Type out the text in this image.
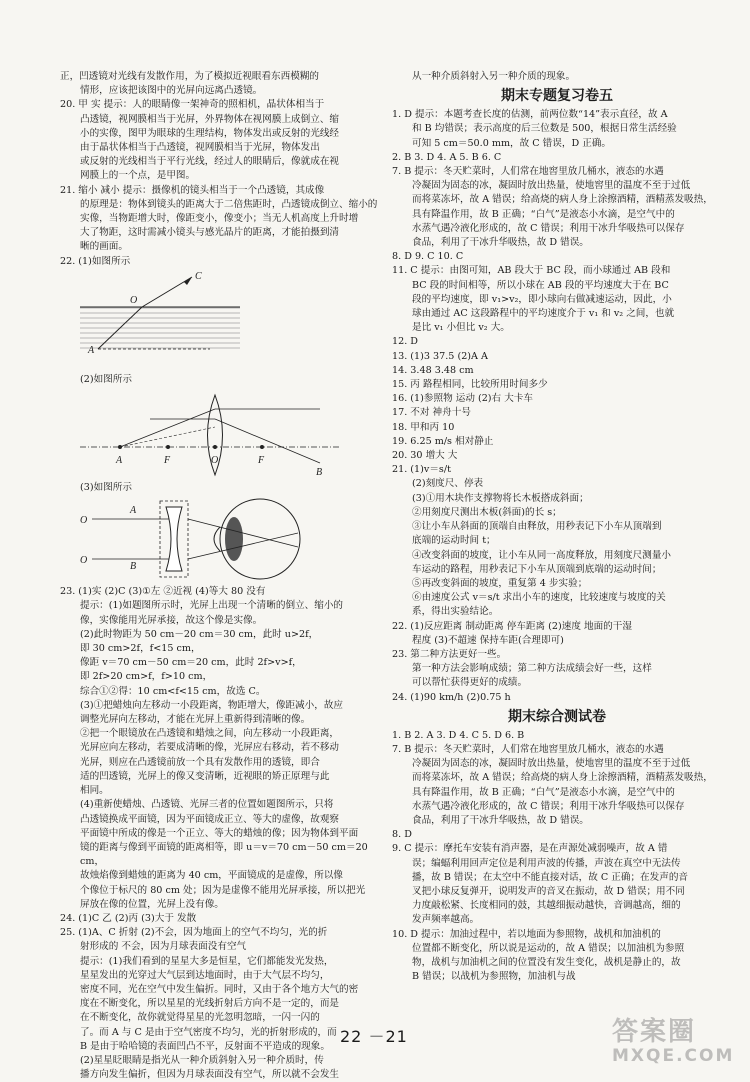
正，凹透镜对光线有发散作用，为了模拟近视眼看东西模糊的

情形，应该把该图中的光屏向远离凸透镜。

20. 甲 实 提示：人的眼睛像一架神奇的照相机，晶状体相当于

凸透镜，视网膜相当于光屏，外界物体在视网膜上成倒立、缩

小的实像，图甲为眼球的生理结构，物体发出或反射的光线经

由于晶状体相当于凸透镜，视网膜相当于光屏，物体发出

或反射的光线相当于平行光线，经过人的眼睛后，像就成在视

网膜上的一个点，是甲图。

21. 缩小 减小 提示：摄像机的镜头相当于一个凸透镜，其成像

的原理是：物体到镜头的距离大于二倍焦距时，凸透镜成倒立、缩小的

实像，当物距增大时，像距变小，像变小；当无人机高度上升时增

大了物距，这时需减小镜头与感光晶片的距离，才能拍摄到清

晰的画面。

22. (1)如图所示

C
O
A

(2)如图所示

A	F	O	F
B

(3)如图所示

O
O
A
B

23. (1)实 (2)C (3)①左 ②近视 (4)等大 80 没有

提示：(1)如题图所示时，光屏上出现一个清晰的倒立、缩小的

像，实像能用光屏承接，故这个像是实像。

(2)此时物距为 50 cm－20 cm＝30 cm，此时 u>2f，

即 30 cm>2f，f<15 cm，

像距 v＝70 cm－50 cm＝20 cm，此时 2f>v>f，

即 2f>20 cm>f，f>10 cm，

综合①②得：10 cm<f<15 cm，故选 C。

(3)①把蜡烛向左移动一小段距离，物距增大，像距减小，故应

调整光屏向左移动，才能在光屏上重新得到清晰的像。

②把一个眼镜放在凸透镜和蜡烛之间，向左移动一小段距离，

光屏应向左移动，若要成清晰的像，光屏应右移动，若不移动

光屏，则应在凸透镜前放一个具有发散作用的透镜，即合

适的凹透镜，光屏上的像又变清晰，近视眼的矫正原理与此

相同。

(4)重新使蜡烛、凸透镜、光屏三者的位置如题图所示，只将

凸透镜换成平面镜，因为平面镜成正立、等大的虚像，故观察

平面镜中所成的像是一个正立、等大的蜡烛的像；因为物体到平面

镜的距离与像到平面镜的距离相等，即 u＝v＝70 cm－50 cm＝20 cm，

故烛焰像到蜡烛的距离为 40 cm，平面镜成的是虚像，所以像

个像位于标尺的 80 cm 处；因为是虚像不能用光屏承接，所以把光

屏放在像的位置，光屏上没有像。

24. (1)C 乙 (2)丙 (3)大于 发散

25. (1)A、C 折射 (2)不会，因为地面上的空气不均匀，光的折

射形成的 不会，因为月球表面没有空气

提示：(1)我们看到的星星大多是恒星，它们都能发光发热，

星星发出的光穿过大气层到达地面时，由于大气层不均匀，

密度不同，光在空气中发生偏折。同时，又由于各个地方大气的密

度在不断变化，所以星星的光线折射后方向不是一定的，而是

在不断变化，故你就觉得星星的光忽明忽暗，一闪一闪的

了。而 A 与 C 是由于空气密度不均匀，光的折射形成的，而

B 是由于哈哈镜的表面凹凸不平，反射面不平造成的现象。

(2)星星眨眼睛是指光从一种介质斜射入另一种介质时，传

播方向发生偏折，但因为月球表面没有空气，所以就不会发生

从一种介质斜射入另一种介质的现象。

期末专题复习卷五

1. D 提示：本题考查长度的估测，前两位数“14”表示直径，故 A

和 B 均错误；表示高度的后三位数是 500，根据日常生活经验

可知 5 cm＝50.0 mm，故 C 错误，D 正确。

2. B 3. D 4. A 5. B 6. C

7. B 提示：冬天贮菜时，人们常在地窖里放几桶水，液态的水遇

冷凝固为固态的冰，凝固时放出热量，使地窖里的温度不至于过低

而将菜冻坏，故 A 错误；给高烧的病人身上涂擦酒精，酒精蒸发吸热，

具有降温作用，故 B 正确；“白气”是液态小水滴，是空气中的

水蒸气遇冷液化形成的，故 C 错误；利用干冰升华吸热可以保存

食品，利用了干冰升华吸热，故 D 错误。

8. D 9. C 10. C

11. C 提示：由图可知，AB 段大于 BC 段，而小球通过 AB 段和

BC 段的时间相等，所以小球在 AB 段的平均速度大于在 BC

段的平均速度，即 v₁>v₂，即小球向右做减速运动，因此，小

球由通过 AC 这段路程中的平均速度介于 v₁ 和 v₂ 之间，也就

是比 v₁ 小但比 v₂ 大。

12. D

13. (1)3 37.5 (2)A A

14. 3.48 3.48 cm

15. 丙 路程相同，比较所用时间多少

16. (1)参照物 运动 (2)右 大卡车

17. 不对 神舟十号

18. 甲和丙 10

19. 6.25 m/s 相对静止

20. 30 增大 大

21. (1)v＝s/t

(2)刻度尺、停表

(3)①用木块作支撑物将长木板搭成斜面；

②用刻度尺测出木板(斜面)的长 s；

③让小车从斜面的顶端自由释放，用秒表记下小车从顶端到

底端的运动时间 t；

④改变斜面的坡度，让小车从同一高度释放，用刻度尺测量小

车运动的路程，用秒表记下小车从顶端到底端的运动时间；

⑤再改变斜面的坡度，重复第 4 步实验；

⑥由速度公式 v＝s/t 求出小车的速度，比较速度与坡度的关

系，得出实验结论。

22. (1)反应距离 制动距离 停车距离 (2)速度 地面的干湿

程度 (3)不超速 保持车距(合理即可)

23. 第二种方法更好一些。

第一种方法会影响成绩；第二种方法成绩会好一些，这样

可以帮忙获得更好的成绩。

24. (1)90 km/h (2)0.75 h

期末综合测试卷

1. B 2. A 3. D 4. C 5. D 6. B

7. B 提示：冬天贮菜时，人们常在地窖里放几桶水，液态的水遇

冷凝固为固态的冰，凝固时放出热量，使地窖里的温度不至于过低

而将菜冻坏，故 A 错误；给高烧的病人身上涂擦酒精，酒精蒸发吸热，

具有降温作用，故 B 正确；“白气”是液态小水滴，是空气中的

水蒸气遇冷液化形成的，故 C 错误；利用干冰升华吸热可以保存

食品，利用了干冰升华吸热，故 D 错误。

8. D

9. C 提示：摩托车安装有消声器，是在声源处减弱噪声，故 A 错

误；编蝠利用回声定位是利用声波的传播，声波在真空中无法传

播，故 B 错误；在太空中不能直接对话，故 C 正确；在发声的音

叉把小球反复弹开，说明发声的音叉在振动，故 D 错误；用不同

力度敲松紧、长度相同的鼓，其越细振动越快，音调越高，细的

发声频率越高。

10. D 提示：加油过程中，若以地面为参照物，战机和加油机的

位置都不断变化，所以说是运动的，故 A 错误；以加油机为参照

物，战机与加油机之间的位置没有发生变化，战机是静止的，故

B 错误；以战机为参照物，加油机与战

22 －21	答案圈
MXQE.COM
